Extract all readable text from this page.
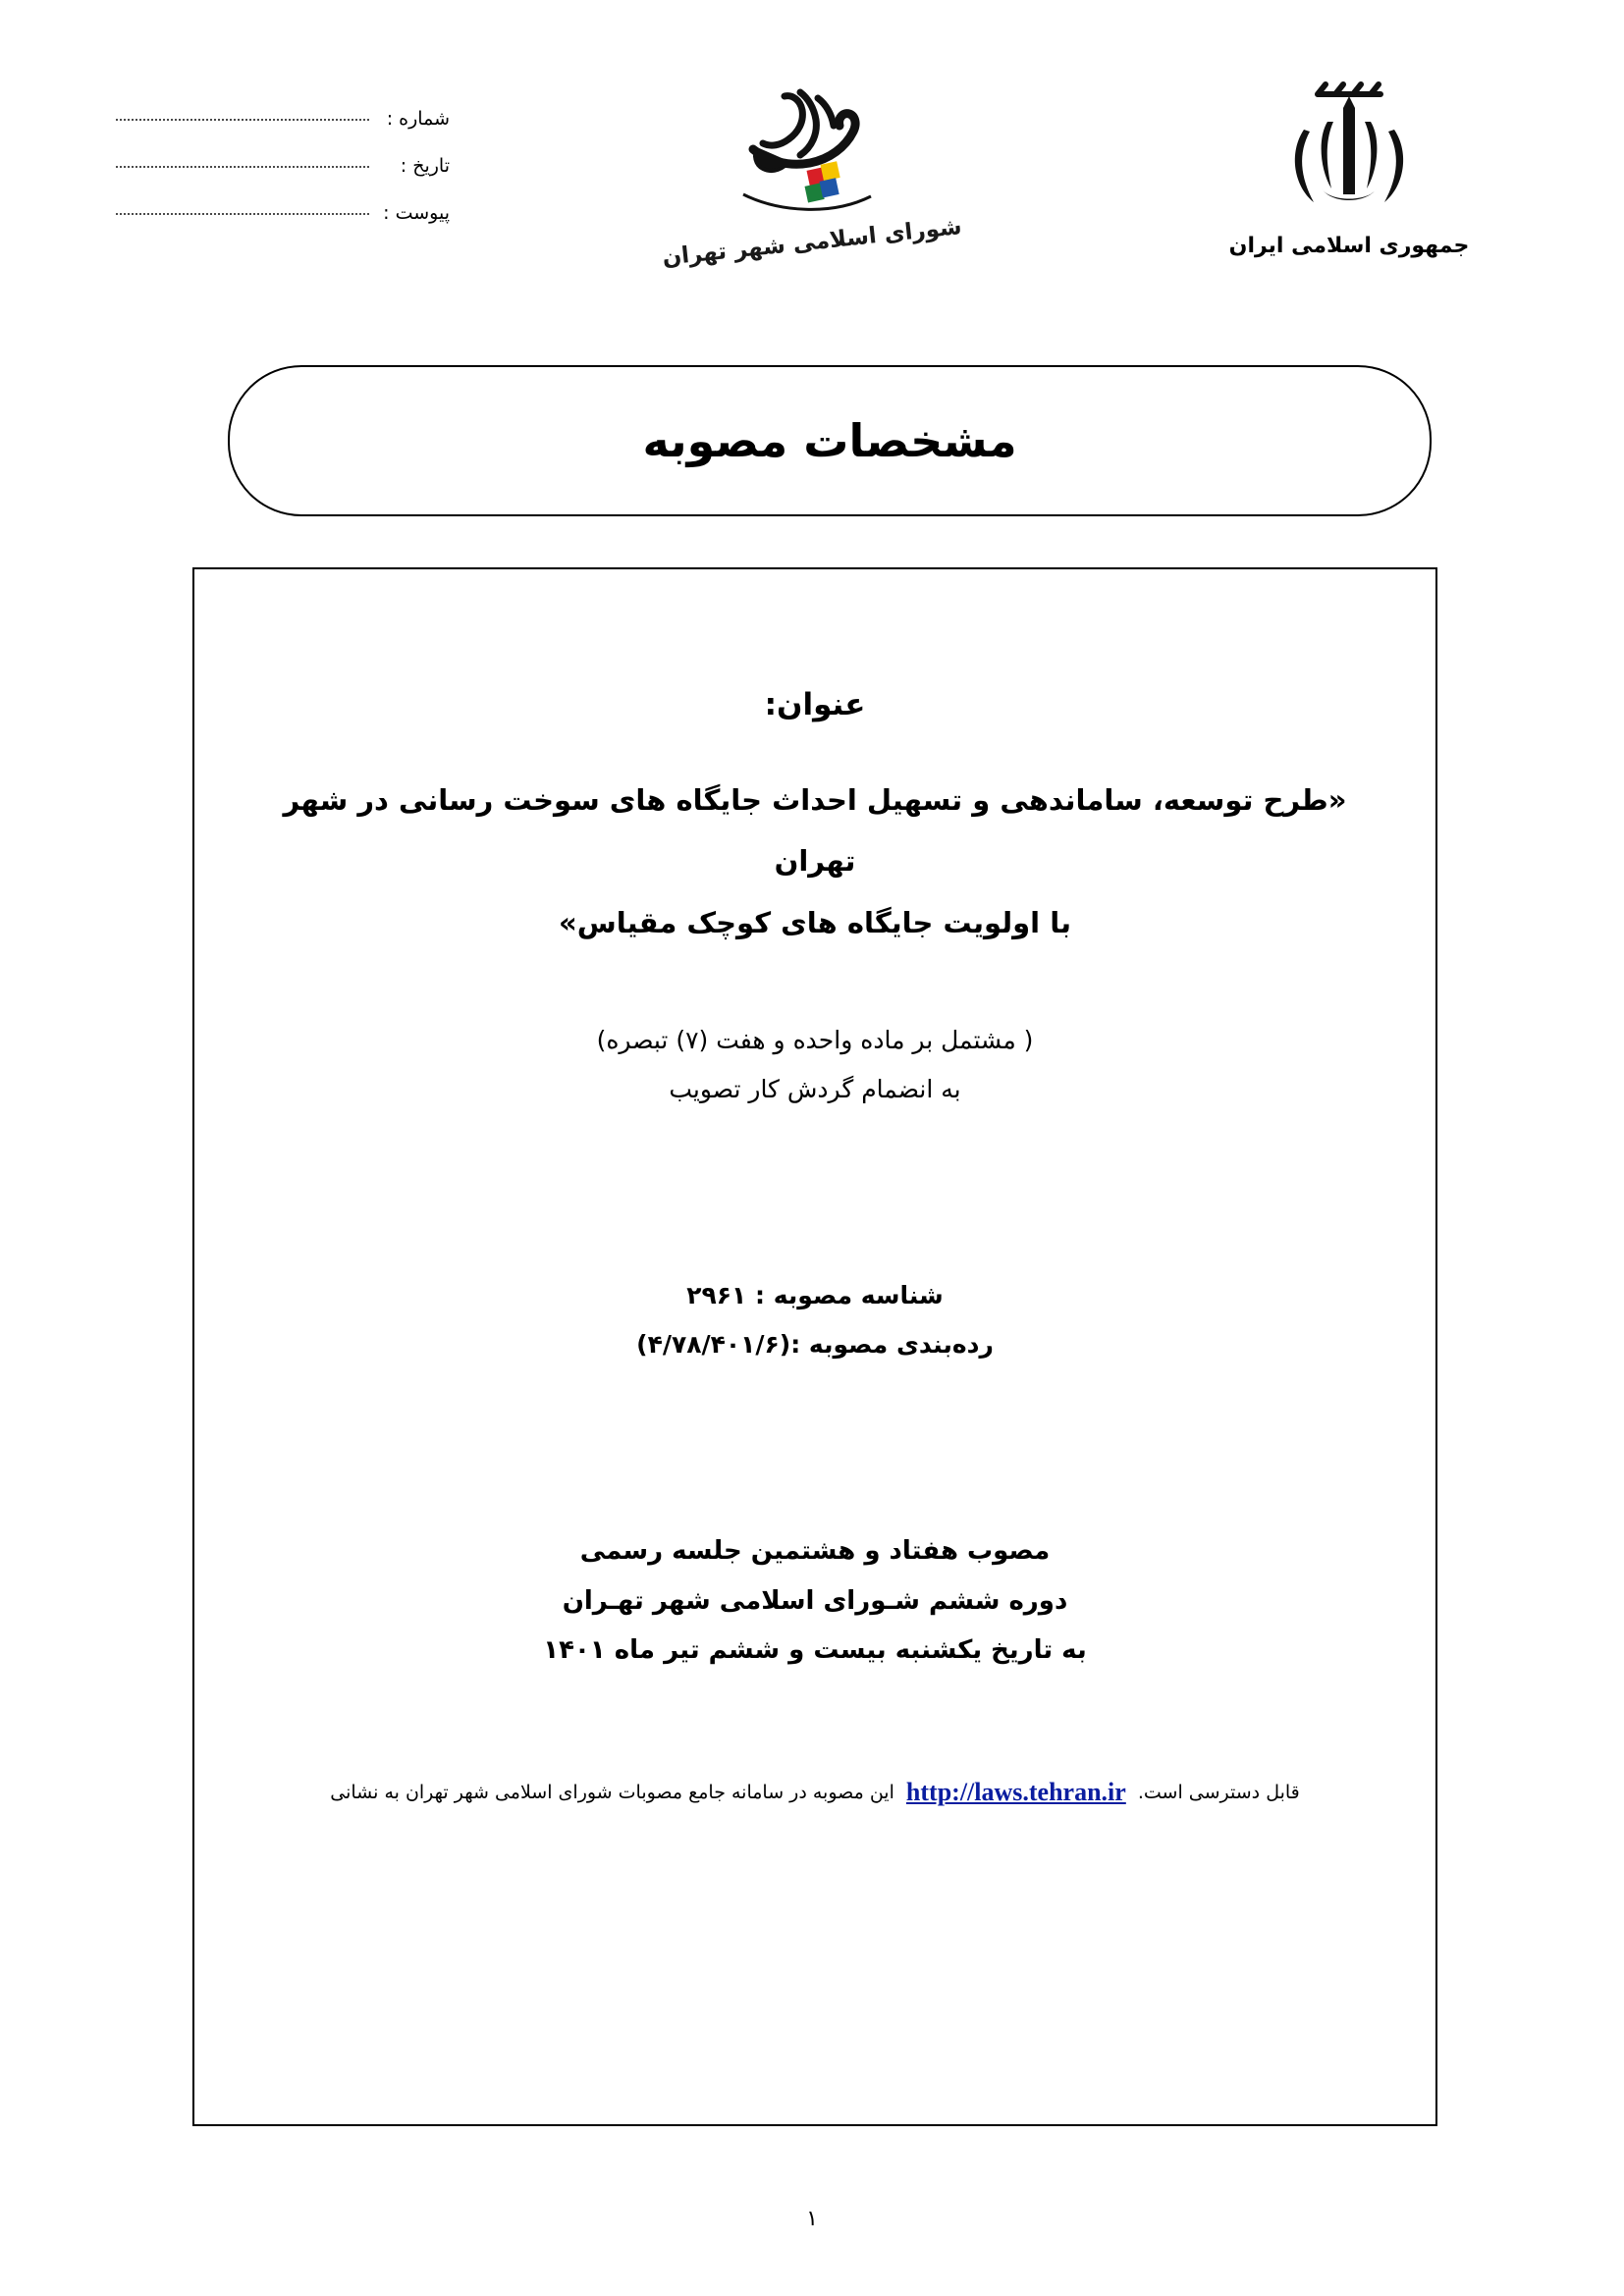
شماره :
تاریخ :
پیوست :
شورای اسلامی شهر تهران	جمهوری اسلامی ایران
مشخصات مصوبه
عنوان:
«طرح توسعه، ساماندهی و تسهیل احداث جایگاه های سوخت رسانی در شهر تهران
با اولویت جایگاه های کوچک مقیاس»
( مشتمل بر ماده واحده و هفت (۷) تبصره)
به انضمام گردش کار تصویب
شناسه مصوبه : ۲۹۶۱
رده‌بندی مصوبه :(۴/۷۸/۴۰۱/۶)
مصوب هفتاد و هشتمین جلسه رسمی
دوره ششم شـورای اسلامی شهر تهـران
به تاریخ یکشنبه بیست و ششم تیر ماه ۱۴۰۱
قابل دسترسی است. http://laws.tehran.ir این مصوبه در سامانه جامع مصوبات شورای اسلامی شهر تهران به نشانی
۱
